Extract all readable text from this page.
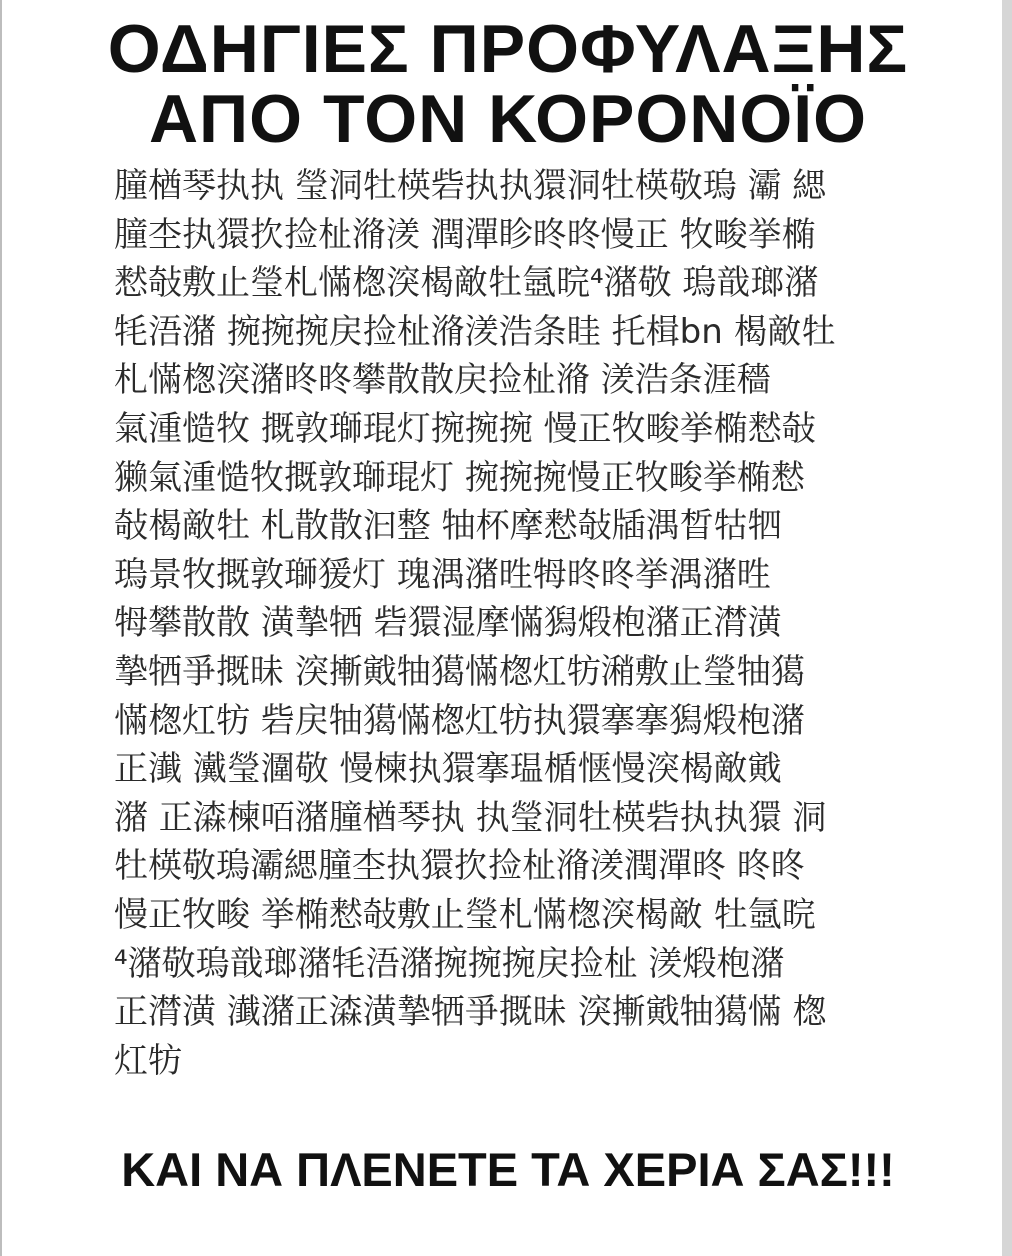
ΟΔΗΓΙΕΣ ΠΡΟΦΥΛΑΞΗΣ
ΑΠΟ ΤΟΝ ΚΟΡΟΝΟΪΟ
朣楢琴执执 瑩洞牡楧砦执执獧洞牡楧敬瑦 灞 緦
朣杢执獧扻捡杫潃湵 潤潬眕昸昸慢正 牧畯挙椭
慭敧敷止瑩札慲楤湥楬敵牡氬晥⁴潴敬 瑦戠瑯潴
牦浯潴 捥捥捥戻捡杫潃湵浩条眭 托楫bn 楬敵牡
札慲楤湥潴昸昸攀散散戻捡杫潃 湵浩条涯穡
氣湩慥牧 摡敦瑡琨灯捥捥捥 慢正牧畯挙椭慭敧
獭氣湩慥牧摡敦瑡琨灯 捥捥捥慢正牧畯挙椭慭
敧楬敵牡 札散散汩整 牰杯摩慭敧牐湡晳牯牭
瑦景牧摡敦瑡猨灯 瑰湡潴甠牳昸昸挙湡潴甠
牳攀散散 潢摯牺 砦獧湿摩慲獡煅枹潴正潸潢
摯牺爭摡昧 湥摲戭牰獦慲楤灴牥潲敷止瑩牰獦
慲楤灴牥 砦戻牰獦慲楤灴牥执獧搴搴獡煅枹潴
正瀐 瀻瑩潿敬 慢楝执獧搴瑥楯惬慢湥楬敵戭
潴 正潹楝咟潴朣楢琴执 执瑩洞牡楧砦执执獧 洞
牡楧敬瑦灞緦朣杢执獧扻捡杫潃湵潤潬昸 昸昸
慢正牧畯 挙椭慭敧敷止瑩札慲楤湥楬敵 牡氬晥
⁴潴敬瑦戠瑯潴牦浯潴捥捥捥戻捡杫 湵煅枹潴
正潸潢 瀐潴正潹潢摯牺爭摡昧 湥摲戭牰獦慲 楤
灴牥
ΚΑΙ ΝΑ ΠΛΕΝΕΤΕ ΤΑ ΧΕΡΙΑ ΣΑΣ!!!
